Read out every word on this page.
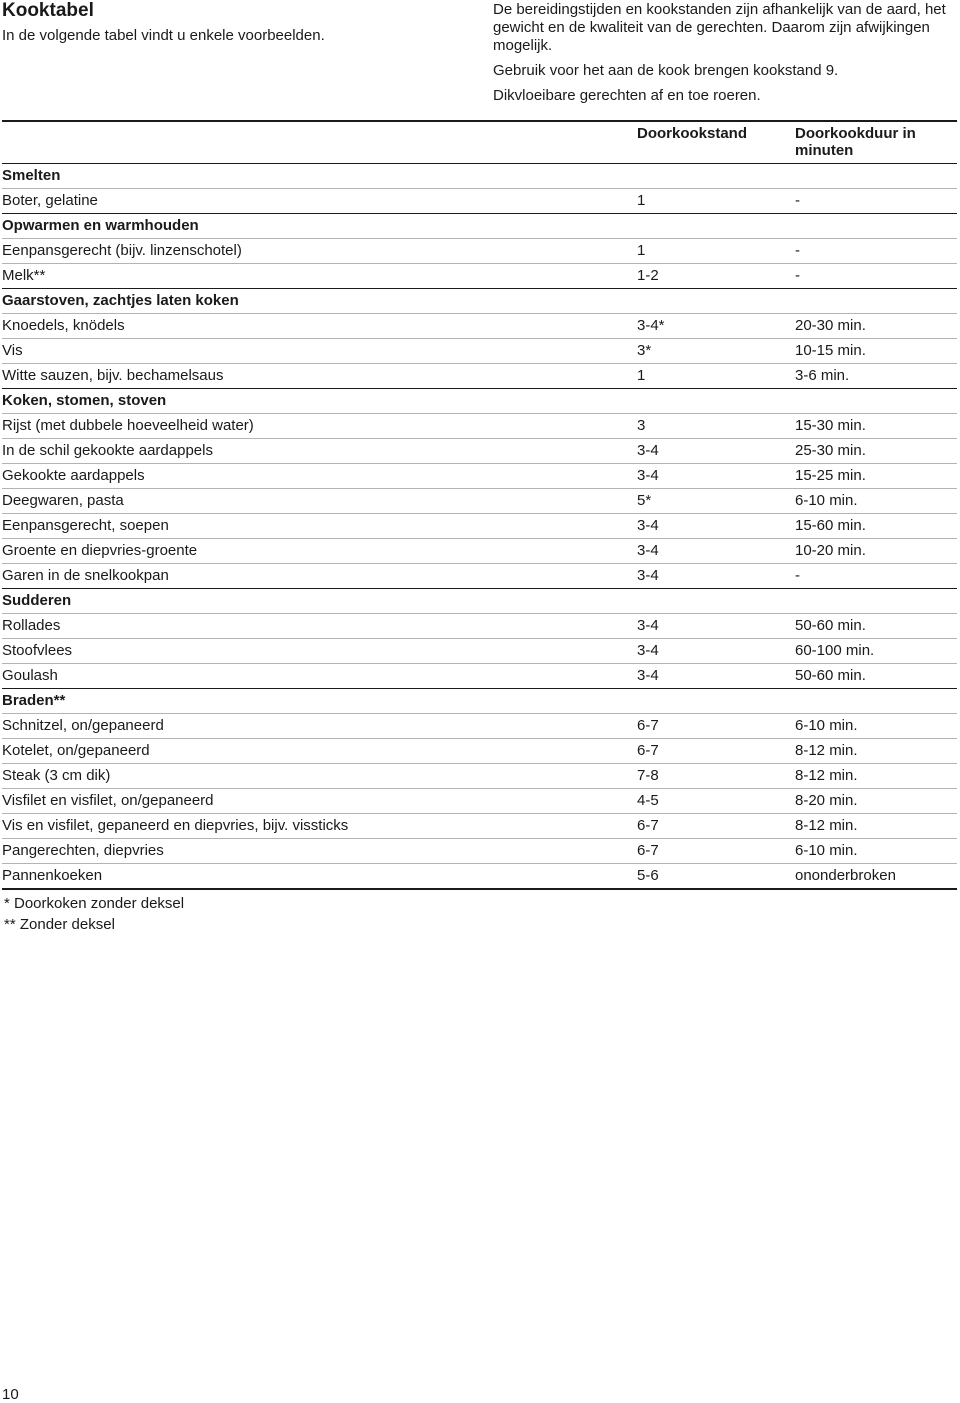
Kooktabel
In de volgende tabel vindt u enkele voorbeelden.

De bereidingstijden en kookstanden zijn afhankelijk van de aard, het gewicht en de kwaliteit van de gerechten. Daarom zijn afwijkingen mogelijk.

Gebruik voor het aan de kook brengen kookstand 9.

Dikvloeibare gerechten af en toe roeren.

	Doorkookstand	Doorkookduur in minuten
Smelten		
Boter, gelatine	1	-
Opwarmen en warmhouden		
Eenpansgerecht (bijv. linzenschotel)	1	-
Melk**	1-2	-
Gaarstoven, zachtjes laten koken		
Knoedels, knödels	3-4*	20-30 min.
Vis	3*	10-15 min.
Witte sauzen, bijv. bechamelsaus	1	3-6 min.
Koken, stomen, stoven		
Rijst (met dubbele hoeveelheid water)	3	15-30 min.
In de schil gekookte aardappels	3-4	25-30 min.
Gekookte aardappels	3-4	15-25 min.
Deegwaren, pasta	5*	6-10 min.
Eenpansgerecht, soepen	3-4	15-60 min.
Groente en diepvries-groente	3-4	10-20 min.
Garen in de snelkookpan	3-4	-
Sudderen		
Rollades	3-4	50-60 min.
Stoofvlees	3-4	60-100 min.
Goulash	3-4	50-60 min.
Braden**		
Schnitzel, on/gepaneerd	6-7	6-10 min.
Kotelet, on/gepaneerd	6-7	8-12 min.
Steak (3 cm dik)	7-8	8-12 min.
Visfilet en visfilet, on/gepaneerd	4-5	8-20 min.
Vis en visfilet, gepaneerd en diepvries, bijv. vissticks	6-7	8-12 min.
Pangerechten, diepvries	6-7	6-10 min.
Pannenkoeken	5-6	ononderbroken
* Doorkoken zonder deksel
** Zonder deksel
10
